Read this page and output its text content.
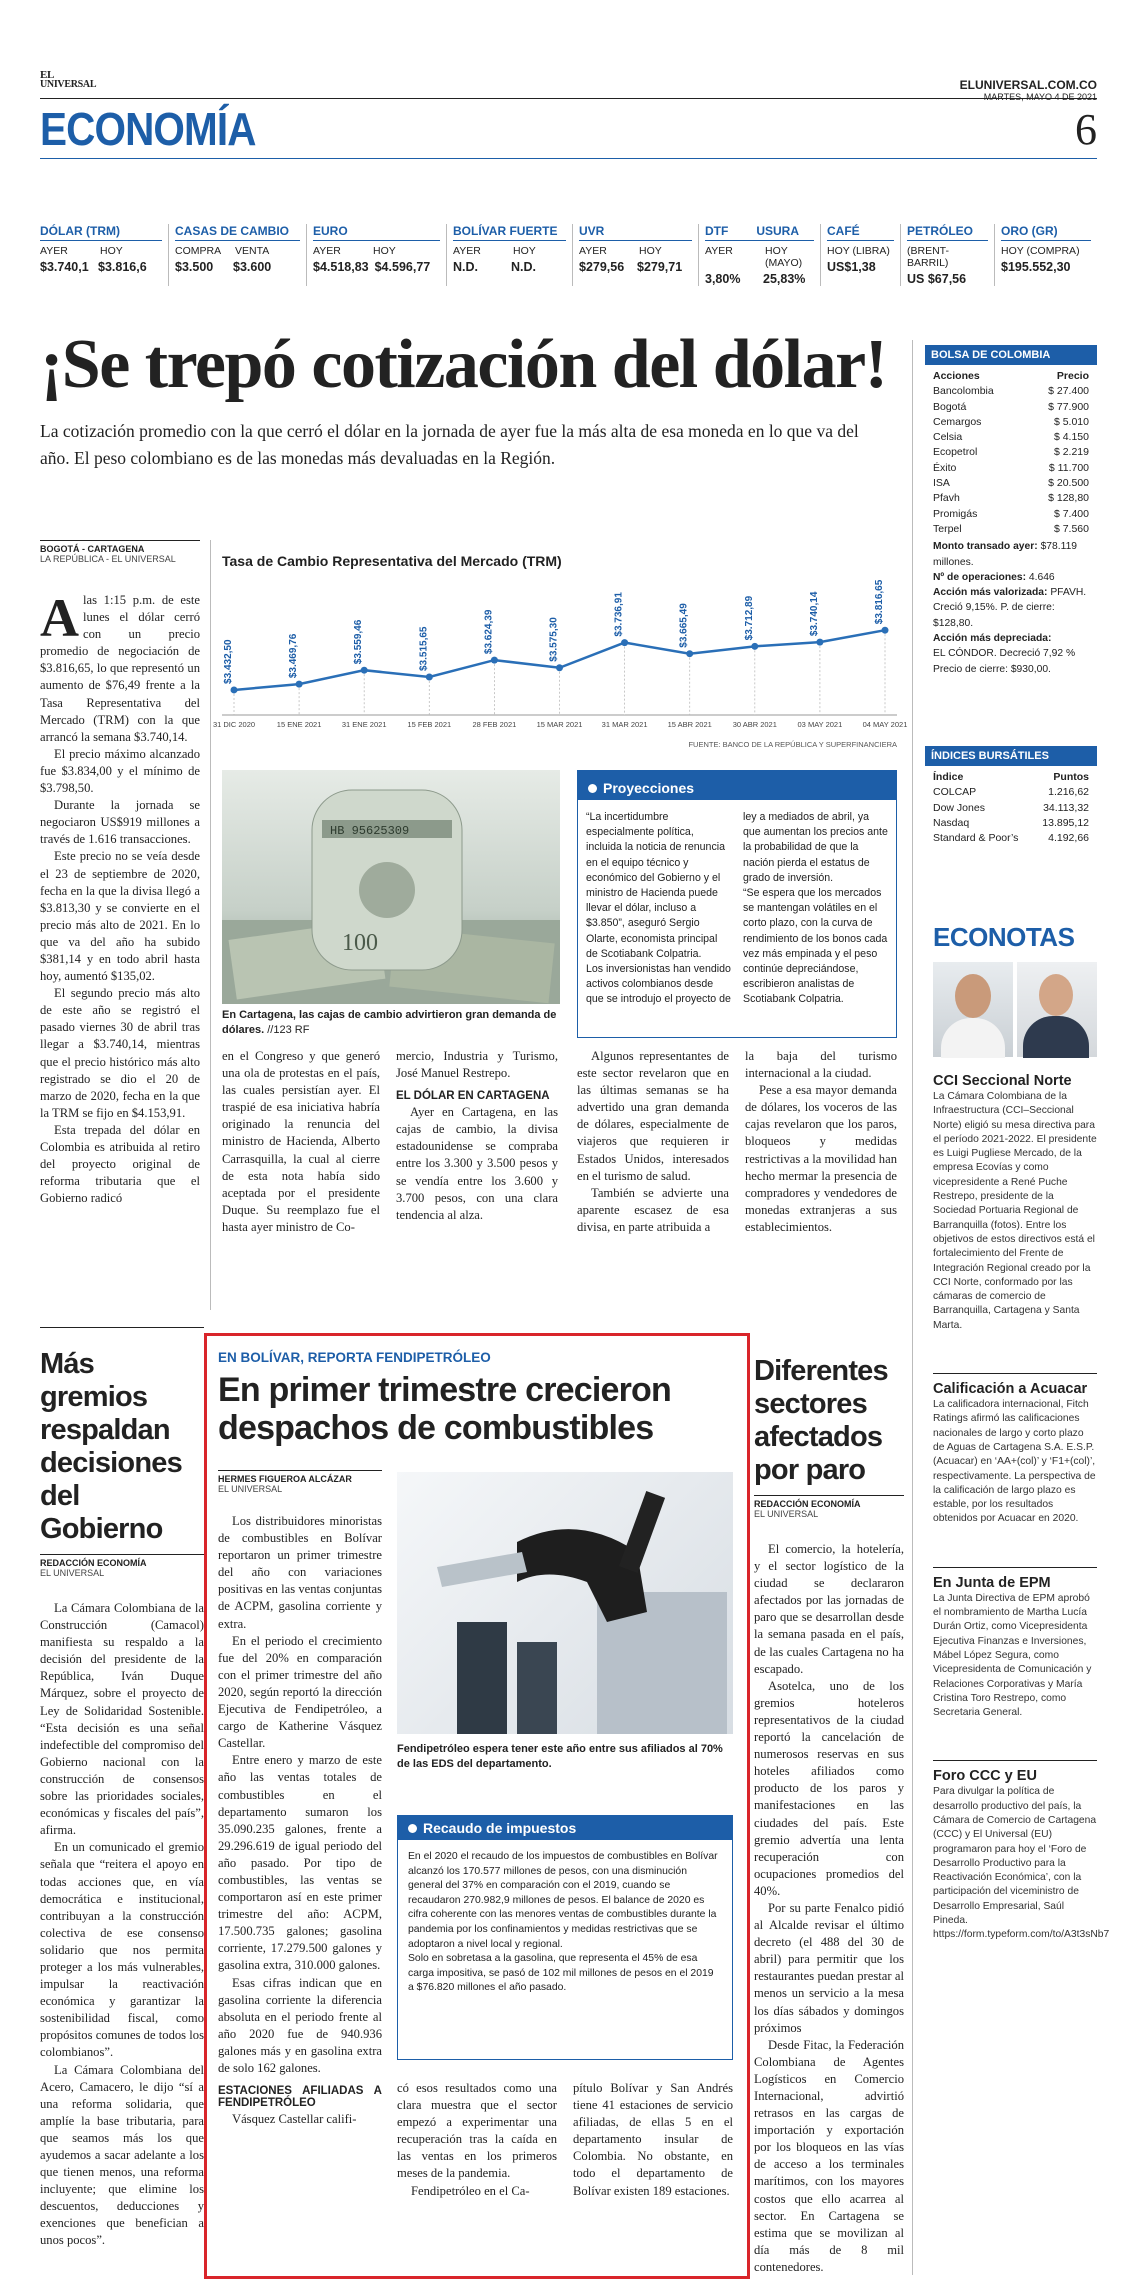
EL
UNIVERSAL
ECONOMÍA
ELUNIVERSAL.COM.CO
MARTES, MAYO 4 DE 2021
6
DÓLAR (TRM)
AYER	HOY
$3.740,1 $3.816,6
CASAS DE CAMBIO
COMPRA	VENTA
$3.500	$3.600
EURO
AYER	HOY
$4.518,83 $4.596,77
BOLÍVAR FUERTE
AYER	HOY
N.D.	N.D.
UVR
AYER	HOY
$279,56	$279,71
DTF USURA
AYER	HOY (MAYO)
3,80%	25,83%
CAFÉ
HOY (LIBRA)
US$1,38
PETRÓLEO
(BRENT-BARRIL)
US $67,56
ORO (GR)
HOY (COMPRA)
$195.552,30
¡Se trepó cotización del dólar!
La cotización promedio con la que cerró el dólar en la jornada de ayer fue la más alta de esa moneda en lo que va del año. El peso colombiano es de las monedas más devaluadas en la Región.
BOGOTÁ - CARTAGENA
LA REPÚBLICA - EL UNIVERSAL
A las 1:15 p.m. de este lunes el dólar cerró con un precio promedio de negociación de $3.816,65, lo que representó un aumento de $76,49 frente a la Tasa Representativa del Mercado (TRM) con la que arrancó la semana $3.740,14.

El precio máximo alcanzado fue $3.834,00 y el mínimo de $3.798,50.

Durante la jornada se negociaron US$919 millones a través de 1.616 transacciones.

Este precio no se veía desde el 23 de septiembre de 2020, fecha en la que la divisa llegó a $3.813,30 y se convierte en el precio más alto de 2021. En lo que va del año ha subido $381,14 y en todo abril hasta hoy, aumentó $135,02.

El segundo precio más alto de este año se registró el pasado viernes 30 de abril tras llegar a $3.740,14, mientras que el precio histórico más alto registrado se dio el 20 de marzo de 2020, fecha en la que la TRM se fijo en $4.153,91.

Esta trepada del dólar en Colombia es atribuida al retiro del proyecto original de reforma tributaria que el Gobierno radicó

Tasa de Cambio Representativa del Mercado (TRM)
$3.432,50
31 DIC 2020
$3.469,76
15 ENE 2021
$3.559,46
31 ENE 2021
$3.515,65
15 FEB 2021
$3.624,39
28 FEB 2021
$3.575,30
15 MAR 2021
$3.736,91
31 MAR 2021
$3.665,49
15 ABR 2021
$3.712,89
30 ABR 2021
$3.740,14
03 MAY 2021
$3.816,65
04 MAY 2021
FUENTE: BANCO DE LA REPÚBLICA Y SUPERFINANCIERA
HB 95625309
100
En Cartagena, las cajas de cambio advirtieron gran demanda de dólares. //123 RF
Proyecciones
“La incertidumbre especialmente política, incluida la noticia de renuncia en el equipo técnico y económico del Gobierno y el ministro de Hacienda puede llevar el dólar, incluso a $3.850”, aseguró Sergio Olarte, economista principal de Scotiabank Colpatria.
Los inversionistas han vendido activos colombianos desde que se introdujo el proyecto de
ley a mediados de abril, ya que aumentan los precios ante la probabilidad de que la nación pierda el estatus de grado de inversión.
“Se espera que los mercados se mantengan volátiles en el corto plazo, con la curva de rendimiento de los bonos cada vez más empinada y el peso continúe depreciándose, escribieron analistas de Scotiabank Colpatria.
en el Congreso y que generó una ola de protestas en el país, las cuales persistían ayer. El traspié de esa iniciativa habría originado la renuncia del ministro de Hacienda, Alberto Carrasquilla, la cual al cierre de esta nota había sido aceptada por el presidente Duque. Su reemplazo fue el hasta ayer ministro de Co-
mercio, Industria y Turismo, José Manuel Restrepo.
EL DÓLAR EN CARTAGENA

Ayer en Cartagena, en las cajas de cambio, la divisa estadounidense se compraba entre los 3.300 y 3.500 pesos y se vendía entre los 3.600 y 3.700 pesos, con una clara tendencia al alza.

Algunos representantes de este sector revelaron que en las últimas semanas se ha advertido una gran demanda de dólares, especialmente de viajeros que requieren ir Estados Unidos, interesados en el turismo de salud.

También se advierte una aparente escasez de esa divisa, en parte atribuida a

la baja del turismo internacional a la ciudad.

Pese a esa mayor demanda de dólares, los voceros de las cajas revelaron que los paros, bloqueos y medidas restrictivas a la movilidad han hecho mermar la presencia de compradores y vendedores de monedas extranjeras a sus establecimientos.

BOLSA DE COLOMBIA
Acciones	Precio
Bancolombia	$ 27.400
Bogotá	$ 77.900
Cemargos	$ 5.010
Celsia	$ 4.150
Ecopetrol	$ 2.219
Éxito	$ 11.700
ISA	$ 20.500
Pfavh	$ 128,80
Promigás	$ 7.400
Terpel	$ 7.560
Monto transado ayer: $78.119 millones.
Nº de operaciones: 4.646
Acción más valorizada: PFAVH.
Creció 9,15%. P. de cierre: $128,80.
Acción más depreciada:
EL CÓNDOR. Decreció 7,92 %
Precio de cierre: $930,00.
ÍNDICES BURSÁTILES
Índice	Puntos
COLCAP	1.216,62
Dow Jones	34.113,32
Nasdaq	13.895,12
Standard & Poor’s	4.192,66
ECONOTAS
CCI Seccional Norte
La Cámara Colombiana de la Infraestructura (CCI–Seccional Norte) eligió su mesa directiva para el período 2021-2022. El presidente es Luigi Pugliese Mercado, de la empresa Ecovías y como vicepresidente a René Puche Restrepo, presidente de la Sociedad Portuaria Regional de Barranquilla (fotos). Entre los objetivos de estos directivos está el fortalecimiento del Frente de Integración Regional creado por la CCI Norte, conformado por las cámaras de comercio de Barranquilla, Cartagena y Santa Marta.
Calificación a Acuacar
La calificadora internacional, Fitch Ratings afirmó las calificaciones nacionales de largo y corto plazo de Aguas de Cartagena S.A. E.S.P. (Acuacar) en ‘AA+(col)’ y ‘F1+(col)’, respectivamente. La perspectiva de la calificación de largo plazo es estable, por los resultados obtenidos por Acuacar en 2020.
En Junta de EPM
La Junta Directiva de EPM aprobó el nombramiento de Martha Lucía Durán Ortiz, como Vicepresidenta Ejecutiva Finanzas e Inversiones, Mábel López Segura, como Vicepresidenta de Comunicación y Relaciones Corporativas y María Cristina Toro Restrepo, como Secretaria General.
Foro CCC y EU
Para divulgar la política de desarrollo productivo del país, la Cámara de Comercio de Cartagena (CCC) y El Universal (EU) programaron para hoy el ‘Foro de Desarrollo Productivo para la Reactivación Económica’, con la participación del viceministro de Desarrollo Empresarial, Saúl Pineda. https://form.typeform.com/to/A3t3sNb7
Más gremios respaldan decisiones del Gobierno
REDACCIÓN ECONOMÍA
EL UNIVERSAL

La Cámara Colombiana de la Construcción (Camacol) manifiesta su respaldo a la decisión del presidente de la República, Iván Duque Márquez, sobre el proyecto de Ley de Solidaridad Sostenible. “Esta decisión es una señal indefectible del compromiso del Gobierno nacional con la construcción de consensos sobre las prioridades sociales, económicas y fiscales del país”, afirma.

En un comunicado el gremio señala que “reitera el apoyo en todas acciones que, en vía democrática e institucional, contribuyan a la construcción colectiva de ese consenso solidario que nos permita proteger a los más vulnerables, impulsar la reactivación económica y garantizar la sostenibilidad fiscal, como propósitos comunes de todos los colombianos”.

La Cámara Colombiana del Acero, Camacero, le dijo “sí a una reforma solidaria, que amplíe la base tributaria, para que seamos más los que ayudemos a sacar adelante a los que tienen menos, una reforma incluyente; que elimine los descuentos, deducciones y exenciones que benefician a unos pocos”.

EN BOLÍVAR, REPORTA FENDIPETRÓLEO
En primer trimestre crecieron despachos de combustibles
HERMES FIGUEROA ALCÁZAR
EL UNIVERSAL

Los distribuidores minoristas de combustibles en Bolívar reportaron un primer trimestre del año con variaciones positivas en las ventas conjuntas de ACPM, gasolina corriente y extra.

En el periodo el crecimiento fue del 20% en comparación con el primer trimestre del año 2020, según reportó la dirección Ejecutiva de Fendipetróleo, a cargo de Katherine Vásquez Castellar.

Entre enero y marzo de este año las ventas totales de combustibles en el departamento sumaron los 35.090.235 galones, frente a 29.296.619 de igual periodo del año pasado. Por tipo de combustibles, las ventas se comportaron así en este primer trimestre del año: ACPM, 17.500.735 galones; gasolina corriente, 17.279.500 galones y gasolina extra, 310.000 galones.

Esas cifras indican que en gasolina corriente la diferencia absoluta en el periodo frente al año 2020 fue de 940.936 galones más y en gasolina extra de solo 162 galones.

ESTACIONES AFILIADAS A FENDIPETRÓLEO

Vásquez Castellar califi-

Fendipetróleo espera tener este año entre sus afiliados al 70% de las EDS del departamento.
Recaudo de impuestos
En el 2020 el recaudo de los impuestos de combustibles en Bolívar alcanzó los 170.577 millones de pesos, con una disminución general del 37% en comparación con el 2019, cuando se recaudaron 270.982,9 millones de pesos. El balance de 2020 es cifra coherente con las menores ventas de combustibles durante la pandemia por los confinamientos y medidas restrictivas que se adoptaron a nivel local y regional.
Solo en sobretasa a la gasolina, que representa el 45% de esa carga impositiva, se pasó de 102 mil millones de pesos en el 2019 a $76.820 millones el año pasado.
có esos resultados como una clara muestra que el sector empezó a experimentar una recuperación tras la caída en las ventas en los primeros meses de la pandemia.

Fendipetróleo en el Ca-

pítulo Bolívar y San Andrés tiene 41 estaciones de servicio afiliadas, de ellas 5 en el departamento insular de Colombia. No obstante, en todo el departamento de Bolívar existen 189 estaciones.
Diferentes sectores afectados por paro
REDACCIÓN ECONOMÍA
EL UNIVERSAL

El comercio, la hotelería, y el sector logístico de la ciudad se declararon afectados por las jornadas de paro que se desarrollan desde la semana pasada en el país, de las cuales Cartagena no ha escapado.

Asotelca, uno de los gremios hoteleros representativos de la ciudad reportó la cancelación de numerosos reservas en sus hoteles afiliados como producto de los paros y manifestaciones en las ciudades del país. Este gremio advertía una lenta recuperación con ocupaciones promedios del 40%.

Por su parte Fenalco pidió al Alcalde revisar el último decreto (el 488 del 30 de abril) para permitir que los restaurantes puedan prestar al menos un servicio a la mesa los días sábados y domingos próximos

Desde Fitac, la Federación Colombiana de Agentes Logísticos en Comercio Internacional, advirtió retrasos en las cargas de importación y exportación por los bloqueos en las vías de acceso a los terminales marítimos, con los mayores costos que ello acarrea al sector. En Cartagena se estima que se movilizan al día más de 8 mil contenedores.
